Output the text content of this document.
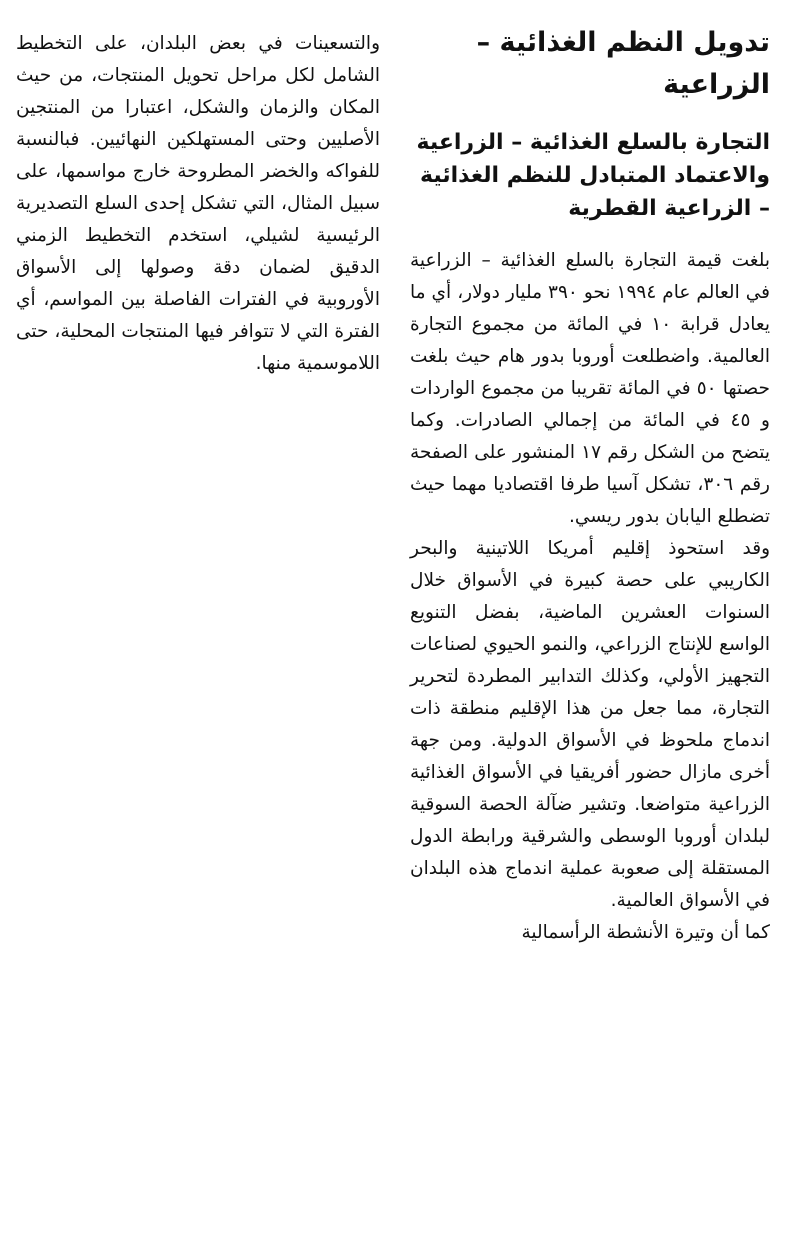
تدويل النظم الغذائية – الزراعية
التجارة بالسلع الغذائية – الزراعية والاعتماد المتبادل للنظم الغذائية – الزراعية القطرية

بلغت قيمة التجارة بالسلع الغذائية – الزراعية في العالم عام ١٩٩٤ نحو ٣٩٠ مليار دولار، أي ما يعادل قرابة ١٠ في المائة من مجموع التجارة العالمية. واضطلعت أوروبا بدور هام حيث بلغت حصتها ٥٠ في المائة تقريبا من مجموع الواردات و ٤٥ في المائة من إجمالي الصادرات. وكما يتضح من الشكل رقم ١٧ المنشور على الصفحة رقم ٣٠٦، تشكل آسيا طرفا اقتصاديا مهما حيث تضطلع اليابان بدور ريسي.

وقد استحوذ إقليم أمريكا اللاتينية والبحر الكاريبي على حصة كبيرة في الأسواق خلال السنوات العشرين الماضية، بفضل التنويع الواسع للإنتاج الزراعي، والنمو الحيوي لصناعات التجهيز الأولي، وكذلك التدابير المطردة لتحرير التجارة، مما جعل من هذا الإقليم منطقة ذات اندماج ملحوظ في الأسواق الدولية. ومن جهة أخرى مازال حضور أفريقيا في الأسواق الغذائية الزراعية متواضعا. وتشير ضآلة الحصة السوقية لبلدان أوروبا الوسطى والشرقية ورابطة الدول المستقلة إلى صعوبة عملية اندماج هذه البلدان في الأسواق العالمية.

كما أن وتيرة الأنشطة الرأسمالية

والتسعينات في بعض البلدان، على التخطيط الشامل لكل مراحل تحويل المنتجات، من حيث المكان والزمان والشكل، اعتبارا من المنتجين الأصليين وحتى المستهلكين النهائيين. فبالنسبة للفواكه والخضر المطروحة خارج مواسمها، على سبيل المثال، التي تشكل إحدى السلع التصديرية الرئيسية لشيلي، استخدم التخطيط الزمني الدقيق لضمان دقة وصولها إلى الأسواق الأوروبية في الفترات الفاصلة بين المواسم، أي الفترة التي لا تتوافر فيها المنتجات المحلية، حتى اللاموسمية منها.
